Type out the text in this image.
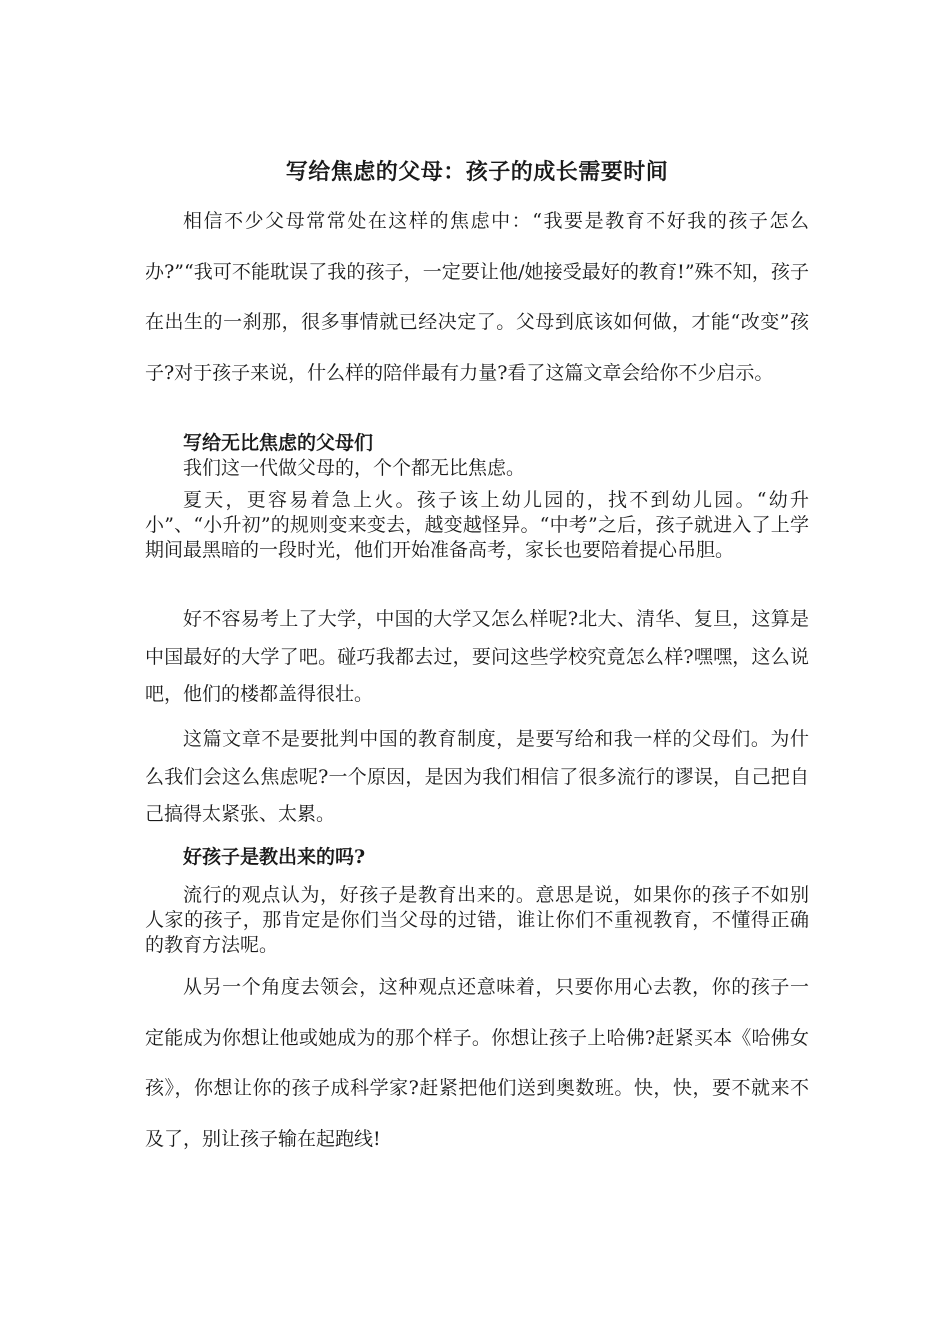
写给焦虑的父母：孩子的成长需要时间

相信不少父母常常处在这样的焦虑中：“我要是教育不好我的孩子怎么办?”“我可不能耽误了我的孩子，一定要让他/她接受最好的教育!”殊不知，孩子在出生的一刹那，很多事情就已经决定了。父母到底该如何做，才能“改变”孩子?对于孩子来说，什么样的陪伴最有力量?看了这篇文章会给你不少启示。

写给无比焦虑的父母们

我们这一代做父母的，个个都无比焦虑。

夏天，更容易着急上火。孩子该上幼儿园的，找不到幼儿园。“幼升小”、“小升初”的规则变来变去，越变越怪异。“中考”之后，孩子就进入了上学期间最黑暗的一段时光，他们开始准备高考，家长也要陪着提心吊胆。

好不容易考上了大学，中国的大学又怎么样呢?北大、清华、复旦，这算是中国最好的大学了吧。碰巧我都去过，要问这些学校究竟怎么样?嘿嘿，这么说吧，他们的楼都盖得很壮。

这篇文章不是要批判中国的教育制度，是要写给和我一样的父母们。为什么我们会这么焦虑呢?一个原因，是因为我们相信了很多流行的谬误，自己把自己搞得太紧张、太累。

好孩子是教出来的吗?

流行的观点认为，好孩子是教育出来的。意思是说，如果你的孩子不如别人家的孩子，那肯定是你们当父母的过错，谁让你们不重视教育，不懂得正确的教育方法呢。

从另一个角度去领会，这种观点还意味着，只要你用心去教，你的孩子一定能成为你想让他或她成为的那个样子。你想让孩子上哈佛?赶紧买本《哈佛女孩》，你想让你的孩子成科学家?赶紧把他们送到奥数班。快，快，要不就来不及了，别让孩子输在起跑线!
